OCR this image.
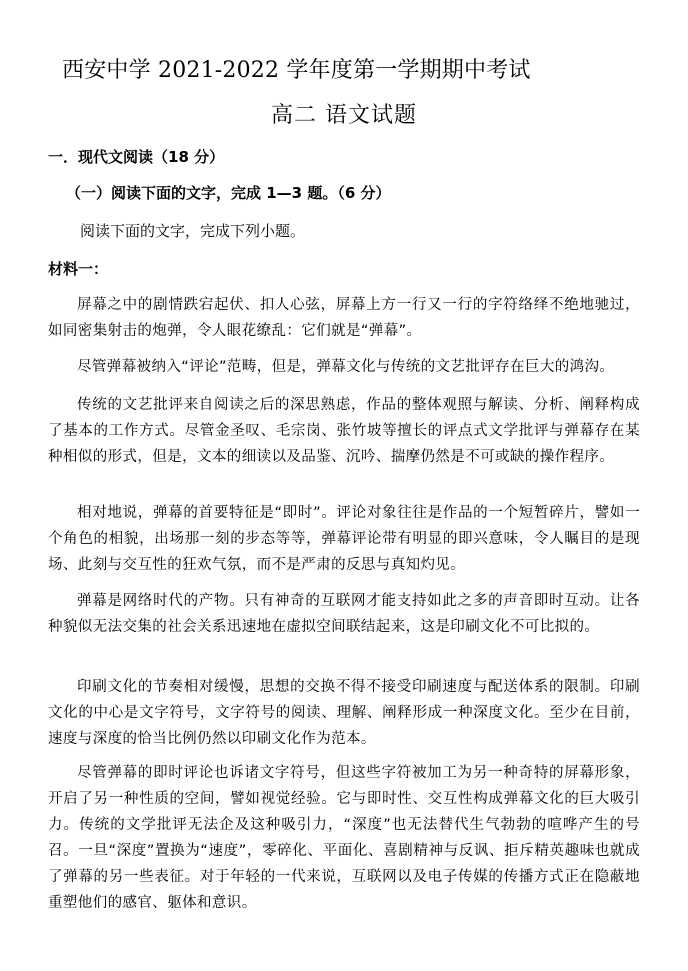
西安中学 2021-2022 学年度第一学期期中考试
高二 语文试题
一．现代文阅读（18 分）
（一）阅读下面的文字，完成 1—3 题。（6 分）
阅读下面的文字，完成下列小题。
材料一：

屏幕之中的剧情跌宕起伏、扣人心弦，屏幕上方一行又一行的字符络绎不绝地驰过，如同密集射击的炮弹，令人眼花缭乱：它们就是“弹幕”。

尽管弹幕被纳入“评论”范畴，但是，弹幕文化与传统的文艺批评存在巨大的鸿沟。

传统的文艺批评来自阅读之后的深思熟虑，作品的整体观照与解读、分析、阐释构成了基本的工作方式。尽管金圣叹、毛宗岗、张竹坡等擅长的评点式文学批评与弹幕存在某种相似的形式，但是，文本的细读以及品鉴、沉吟、揣摩仍然是不可或缺的操作程序。

相对地说，弹幕的首要特征是“即时”。评论对象往往是作品的一个短暂碎片，譬如一个角色的相貌，出场那一刻的步态等等，弹幕评论带有明显的即兴意味，令人瞩目的是现场、此刻与交互性的狂欢气氛，而不是严肃的反思与真知灼见。

弹幕是网络时代的产物。只有神奇的互联网才能支持如此之多的声音即时互动。让各种貌似无法交集的社会关系迅速地在虚拟空间联结起来，这是印刷文化不可比拟的。

印刷文化的节奏相对缓慢，思想的交换不得不接受印刷速度与配送体系的限制。印刷文化的中心是文字符号，文字符号的阅读、理解、阐释形成一种深度文化。至少在目前，速度与深度的恰当比例仍然以印刷文化作为范本。

尽管弹幕的即时评论也诉诸文字符号，但这些字符被加工为另一种奇特的屏幕形象，开启了另一种性质的空间，譬如视觉经验。它与即时性、交互性构成弹幕文化的巨大吸引力。传统的文学批评无法企及这种吸引力，“深度”也无法替代生气勃勃的喧哗产生的号召。一旦“深度”置换为“速度”，零碎化、平面化、喜剧精神与反讽、拒斥精英趣味也就成了弹幕的另一些表征。对于年轻的一代来说，互联网以及电子传媒的传播方式正在隐蔽地重塑他们的感官、躯体和意识。
